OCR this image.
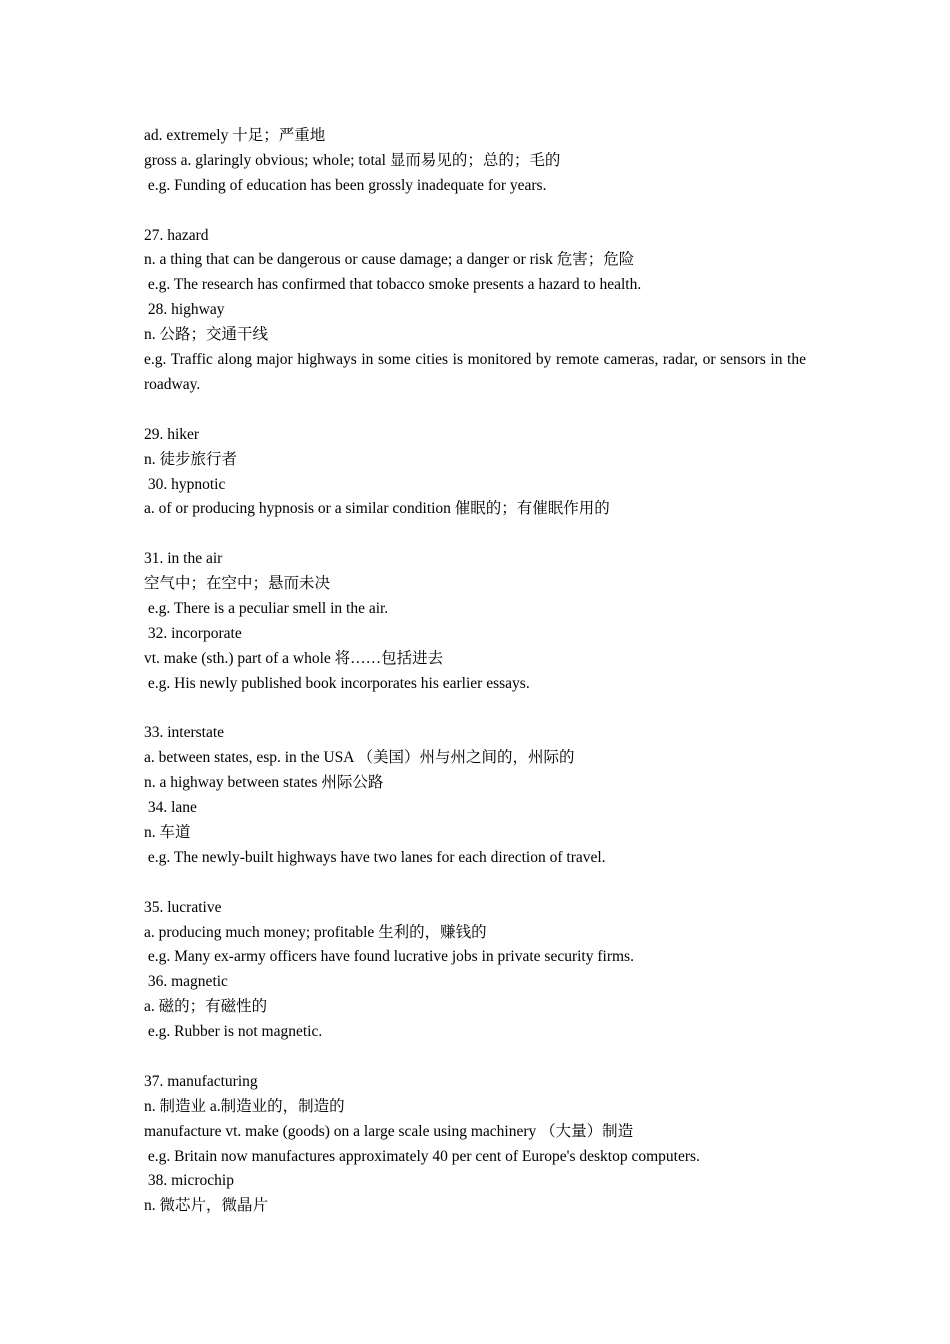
ad. extremely 十足；严重地
gross a. glaringly obvious; whole; total 显而易见的；总的；毛的
e.g. Funding of education has been grossly inadequate for years.
27. hazard
n. a thing that can be dangerous or cause damage; a danger or risk 危害；危险
e.g. The research has confirmed that tobacco smoke presents a hazard to health.
28. highway
n. 公路；交通干线
e.g. Traffic along major highways in some cities is monitored by remote cameras, radar, or sensors in the roadway.
29. hiker
n. 徒步旅行者
30. hypnotic
a. of or producing hypnosis or a similar condition 催眠的；有催眠作用的
31. in the air
空气中；在空中；悬而未决
e.g. There is a peculiar smell in the air.
32. incorporate
vt. make (sth.) part of a whole 将……包括进去
e.g. His newly published book incorporates his earlier essays.
33. interstate
a. between states, esp. in the USA （美国）州与州之间的，州际的
n. a highway between states 州际公路
34. lane
n. 车道
e.g. The newly-built highways have two lanes for each direction of travel.
35. lucrative
a. producing much money; profitable 生利的，赚钱的
e.g. Many ex-army officers have found lucrative jobs in private security firms.
36. magnetic
a. 磁的；有磁性的
e.g. Rubber is not magnetic.
37. manufacturing
n. 制造业 a.制造业的，制造的
manufacture vt. make (goods) on a large scale using machinery （大量）制造
e.g. Britain now manufactures approximately 40 per cent of Europe's desktop computers.
38. microchip
n. 微芯片，微晶片
